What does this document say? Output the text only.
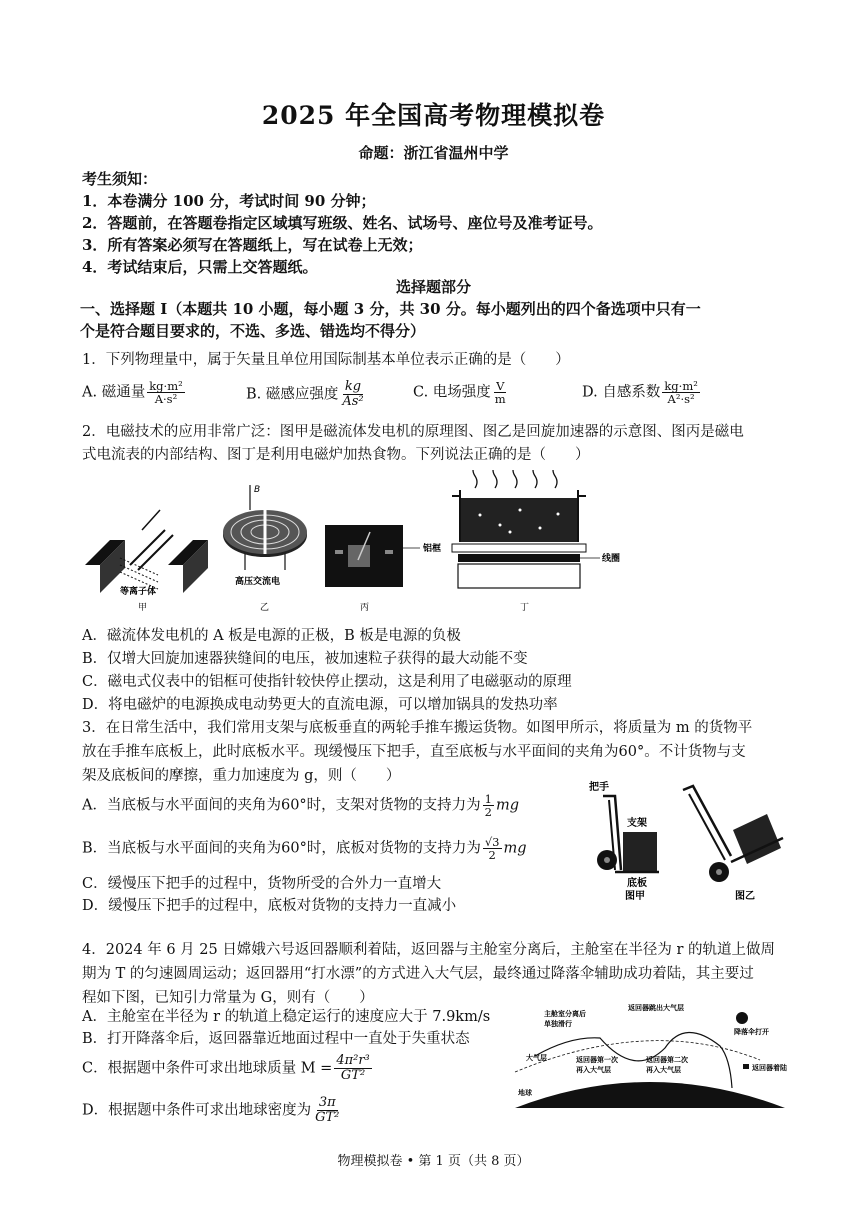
2025 年全国高考物理模拟卷
命题：浙江省温州中学
考生须知：
1．本卷满分 100 分，考试时间 90 分钟；
2．答题前，在答题卷指定区域填写班级、姓名、试场号、座位号及准考证号。
3．所有答案必须写在答题纸上，写在试卷上无效；
4．考试结束后，只需上交答题纸。
选择题部分
一、选择题 I（本题共 10 小题，每小题 3 分，共 30 分。每小题列出的四个备选项中只有一
个是符合题目要求的，不选、多选、错选均不得分）
1．下列物理量中，属于矢量且单位用国际制基本单位表示正确的是（　　）
A. 磁通量 $\frac{\text{kg·m²}}{\text{A·s²}}$	B. 磁感应强度 $\frac{kg}{\text{As²}}$	C. 电场强度 $\frac{V}{m}$	D. 自感系数 $\frac{\text{kg·m²}}{\text{A²·s²}}$
2．电磁技术的应用非常广泛：图甲是磁流体发电机的原理图、图乙是回旋加速器的示意图、图丙是磁电
式电流表的内部结构、图丁是利用电磁炉加热食物。下列说法正确的是（　　）
等离子体
甲
B
高压交流电
乙
铝框
丙
线圈
丁
A．磁流体发电机的 A 板是电源的正极，B 板是电源的负极
B．仅增大回旋加速器狭缝间的电压，被加速粒子获得的最大动能不变
C．磁电式仪表中的铝框可使指针较快停止摆动，这是利用了电磁驱动的原理
D．将电磁炉的电源换成电动势更大的直流电源，可以增加锅具的发热功率
3．在日常生活中，我们常用支架与底板垂直的两轮手推车搬运货物。如图甲所示，将质量为 m 的货物平
放在手推车底板上，此时底板水平。现缓慢压下把手，直至底板与水平面间的夹角为60°。不计货物与支
架及底板间的摩擦，重力加速度为 g，则（　　）
A．当底板与水平面间的夹角为60°时，支架对货物的支持力为 $\frac{1}{2}$ mg
B．当底板与水平面间的夹角为60°时，底板对货物的支持力为 $\frac{√3}{2}$ mg
C．缓慢压下把手的过程中，货物所受的合外力一直增大
D．缓慢压下把手的过程中，底板对货物的支持力一直减小
把手
支架
底板
图甲	图乙
4．2024 年 6 月 25 日嫦娥六号返回器顺利着陆，返回器与主舱室分离后，主舱室在半径为 r 的轨道上做周
期为 T 的匀速圆周运动；返回器用“打水漂”的方式进入大气层，最终通过降落伞辅助成功着陆，其主要过
程如下图，已知引力常量为 G，则有（　　）
A．主舱室在半径为 r 的轨道上稳定运行的速度应大于 7.9km/s
B．打开降落伞后，返回器靠近地面过程中一直处于失重状态
C．根据题中条件可求出地球质量 $M = \frac{\text{4π²r³}}{\text{GT²}}$
D．根据题中条件可求出地球密度为 $\frac{3\pi}{\text{GT²}}$
主舱室分离后
单独滑行
返回器跳出大气层
降落伞打开
大气层	返回器第一次
再入大气层
返回器第二次
再入大气层	返回器着陆
地球
物理模拟卷 • 第 1 页（共 8 页）
